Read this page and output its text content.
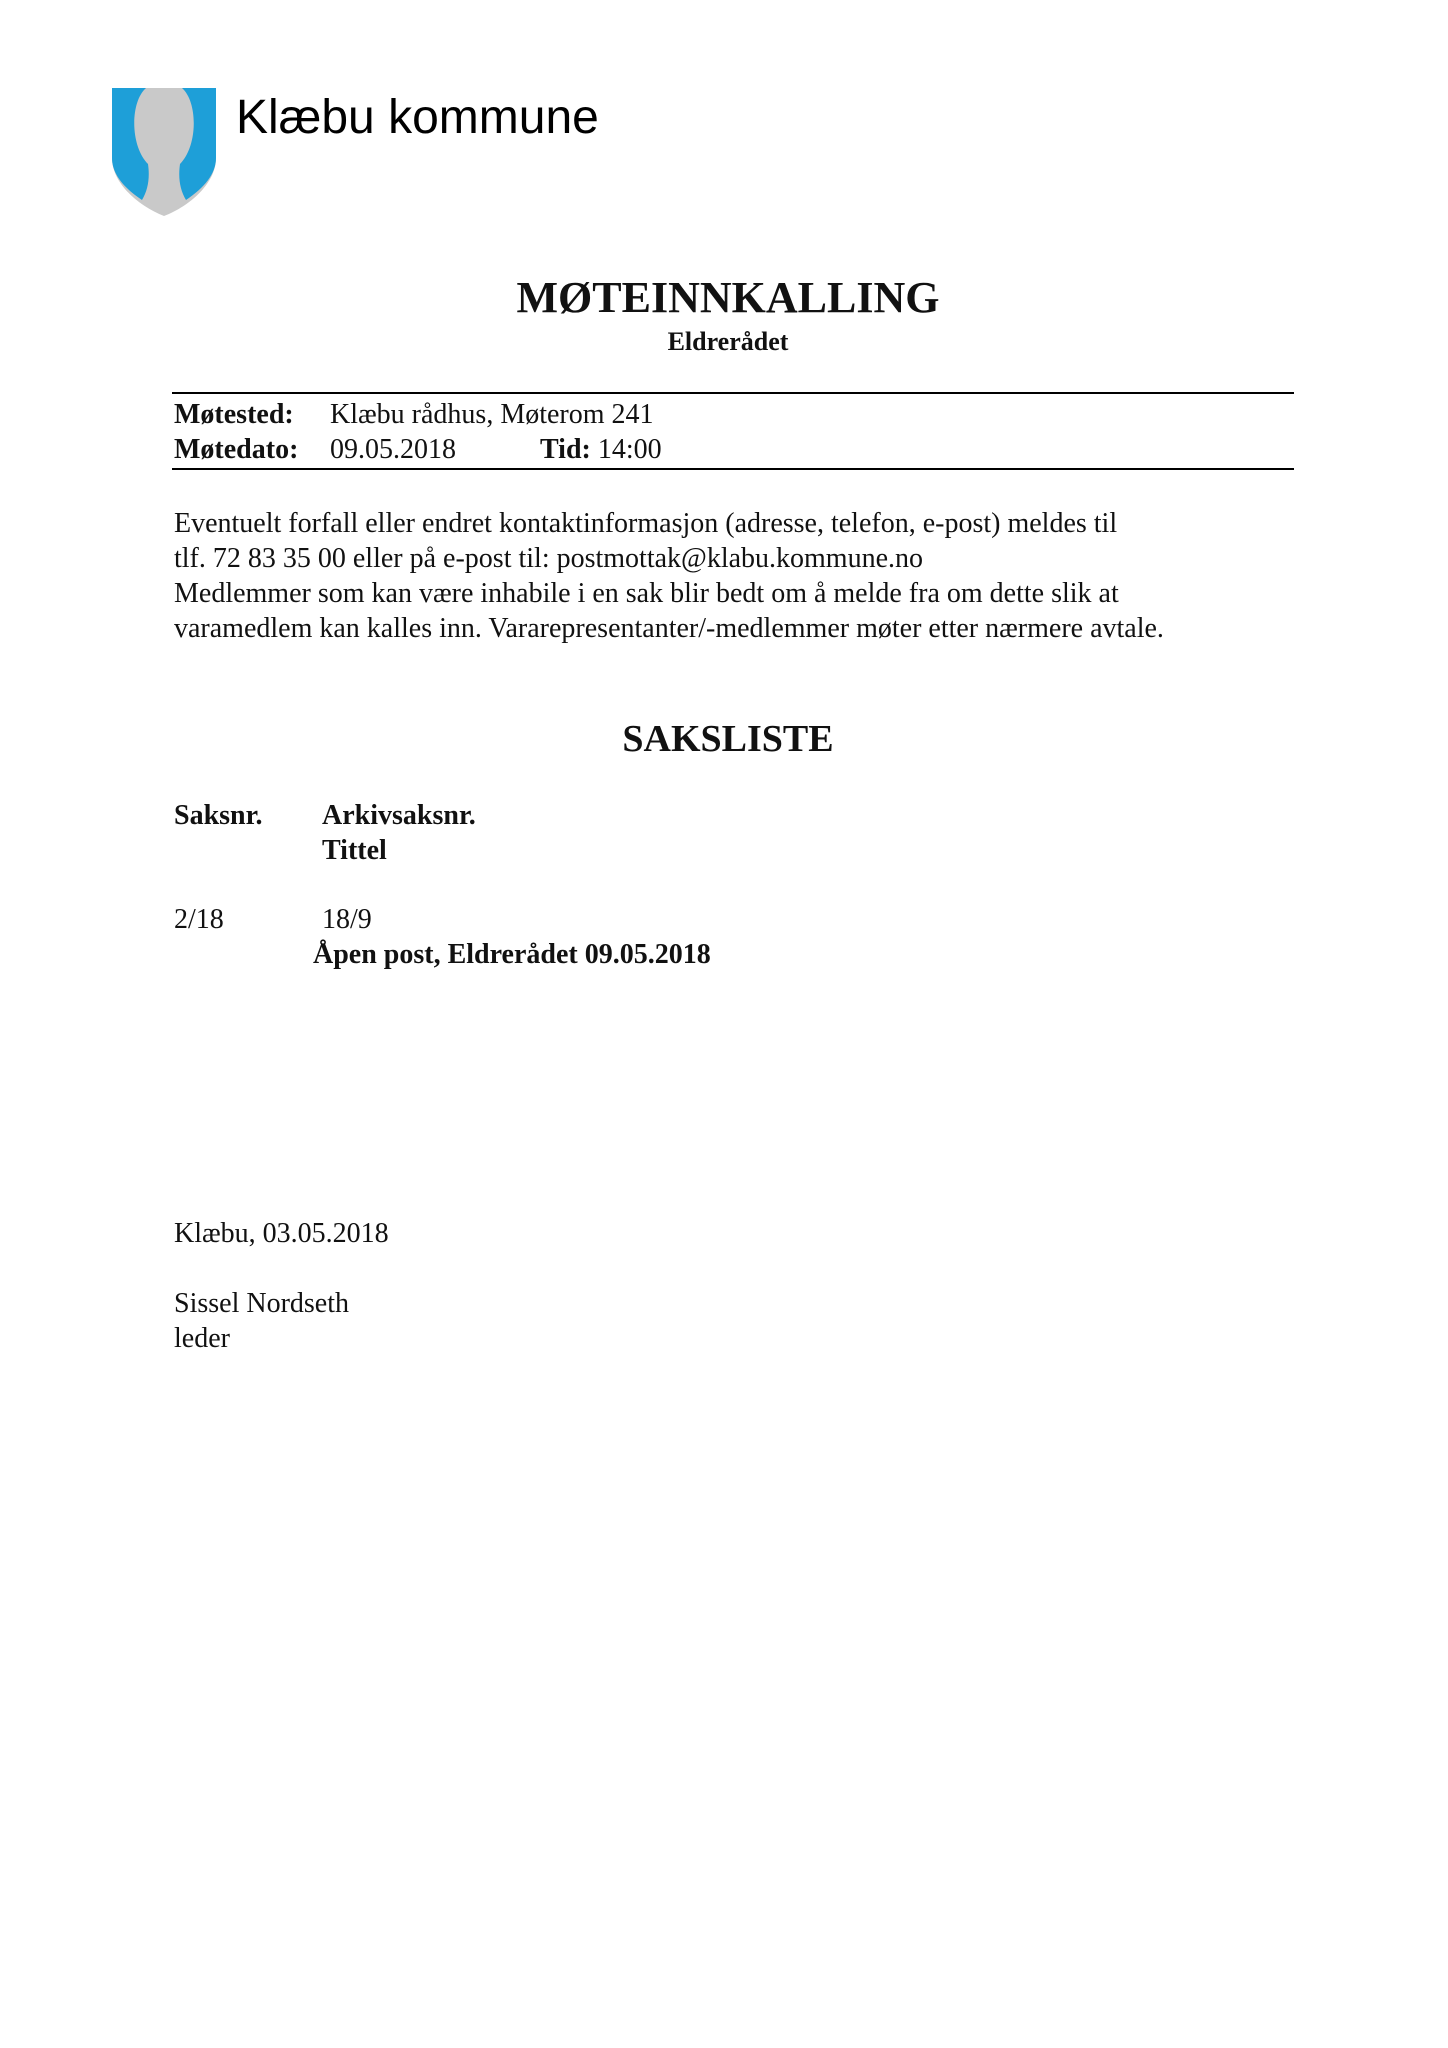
Klæbu kommune
MØTEINNKALLING
Eldrerådet
Møtested: Klæbu rådhus, Møterom 241
Møtedato: 09.05.2018	Tid: 14:00
Eventuelt forfall eller endret kontaktinformasjon (adresse, telefon, e-post) meldes til
tlf. 72 83 35 00 eller på e-post til: postmottak@klabu.kommune.no
Medlemmer som kan være inhabile i en sak blir bedt om å melde fra om dette slik at
varamedlem kan kalles inn. Vararepresentanter/-medlemmer møter etter nærmere avtale.
SAKSLISTE
Saksnr. Arkivsaksnr.
Tittel
2/18	18/9
Åpen post, Eldrerådet 09.05.2018
Klæbu, 03.05.2018
Sissel Nordseth
leder
